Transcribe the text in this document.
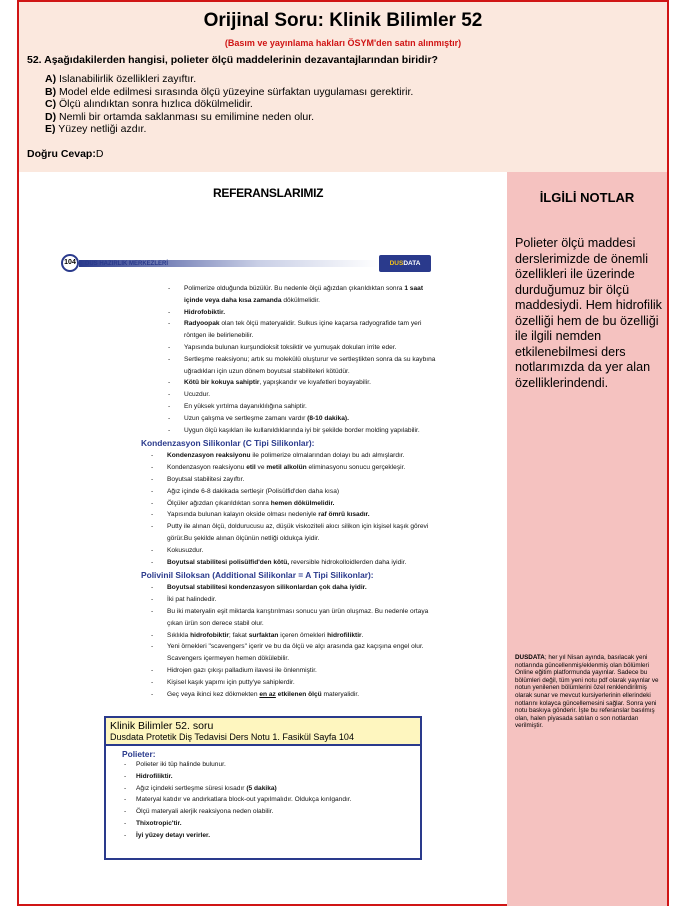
Orijinal Soru: Klinik Bilimler 52
(Basım ve yayınlama hakları ÖSYM'den satın alınmıştır)
52. Aşağıdakilerden hangisi, polieter ölçü maddelerinin dezavantajlarından biridir?
A) Islanabilirlik özellikleri zayıftır.
B) Model elde edilmesi sırasında ölçü yüzeyine sürfaktan uygulaması gerektirir.
C) Ölçü alındıktan sonra hızlıca dökülmelidir.
D) Nemli bir ortamda saklanması su emilimine neden olur.
E) Yüzey netliği azdır.
Doğru Cevap:D
REFERANSLARIMIZ
104	DUS HAZIRLIK MERKEZLERİ	DUSDATA
- Polimerize olduğunda büzülür. Bu nedenle ölçü ağızdan çıkarıldıktan sonra 1 saat içinde veya daha kısa zamanda dökülmelidir.
- Hidrofobiktir.
- Radyoopak olan tek ölçü materyalidir. Sulkus içine kaçarsa radyografide tam yeri röntgen ile belirlenebilir.
- Yapısında bulunan kurşundioksit toksiktir ve yumuşak dokuları irrite eder.
- Sertleşme reaksiyonu; artık su molekülü oluşturur ve sertleştikten sonra da su kaybına uğradıkları için uzun dönem boyutsal stabiliteleri kötüdür.
- Kötü bir kokuya sahiptir, yapışkandır ve kıyafetleri boyayabilir.
- Ucuzdur.
- En yüksek yırtılma dayanıklılığına sahiptir.
- Uzun çalışma ve sertleşme zamanı vardır (8-10 dakika).
- Uygun ölçü kaşıkları ile kullanıldıklarında iyi bir şekilde border molding yapılabilir.
Kondenzasyon Silikonlar (C Tipi Silikonlar):
- Kondenzasyon reaksiyonu ile polimerize olmalarından dolayı bu adı almışlardır.
- Kondenzasyon reaksiyonu etil ve metil alkolün eliminasyonu sonucu gerçekleşir.
- Boyutsal stabilitesi zayıftır.
- Ağız içinde 6-8 dakikada sertleşir (Polisülfid'den daha kısa)
- Ölçüler ağızdan çıkarıldıktan sonra hemen dökülmelidir.
- Yapısında bulunan kalayın okside olması nedeniyle raf ömrü kısadır.
- Putty ile alınan ölçü, doldurucusu az, düşük viskoziteli akıcı silikon için kişisel kaşık görevi görür.Bu şekilde alınan ölçünün netliği oldukça iyidir.
- Kokusuzdur.
- Boyutsal stabilitesi polisülfid'den kötü, reversible hidrokolloidlerden daha iyidir.
Polivinil Siloksan (Additional Silikonlar = A Tipi Silikonlar):
- Boyutsal stabilitesi kondenzasyon silikonlardan çok daha iyidir.
- İki pat halindedir.
- Bu iki materyalin eşit miktarda karıştırılması sonucu yan ürün oluşmaz. Bu nedenle ortaya çıkan ürün son derece stabil olur.
- Sıklıkla hidrofobiktir; fakat surfaktan içeren örnekleri hidrofiliktir.
- Yeni örnekleri "scavengers" içerir ve bu da ölçü ve alçı arasında gaz kaçışına engel olur. Scavengers içermeyen hemen dökülebilir.
- Hidrojen gazı çıkışı palladium ilavesi ile önlenmiştir.
- Kişisel kaşık yapımı için putty'ye sahiplerdir.
- Geç veya ikinci kez dökmekten en az etkilenen ölçü materyalidir.
İLGİLİ NOTLAR
Polieter ölçü maddesi derslerimizde de önemli özellikleri ile üzerinde durduğumuz bir ölçü maddesiydi. Hem hidrofilik özelliği hem de bu özelliği ile ilgili nemden etkilenebilmesi ders notlarımızda da yer alan özelliklerindendi.
DUSDATA; her yıl Nisan ayında, basılacak yeni notlarında güncellenmiş/eklenmiş olan bölümleri Online eğitim platformunda yayınlar. Sadece bu bölümleri değil, tüm yeni notu pdf olarak yayınlar ve notun yenilenen bölümlerini özel renklendirilmiş olarak sunar ve mevcut kursiyerlerinin ellerindeki notlarını kolayca güncellemesini sağlar. Sonra yeni notu baskıya gönderir. İşte bu referanslar basılmış olan, halen piyasada satılan o son notlardan verilmiştir.
Klinik Bilimler 52. soru
Dusdata Protetik Diş Tedavisi Ders Notu 1. Fasikül Sayfa 104
Polieter:
- Polieter iki tüp halinde bulunur.
- Hidrofiliktir.
- Ağız içindeki sertleşme süresi kısadır (5 dakika)
- Materyal katıdır ve andırkatlara block-out yapılmalıdır. Oldukça kırılgandır.
- Ölçü materyali alerjik reaksiyona neden olabilir.
- Thixotropic'tir.
- İyi yüzey detayı verirler.
